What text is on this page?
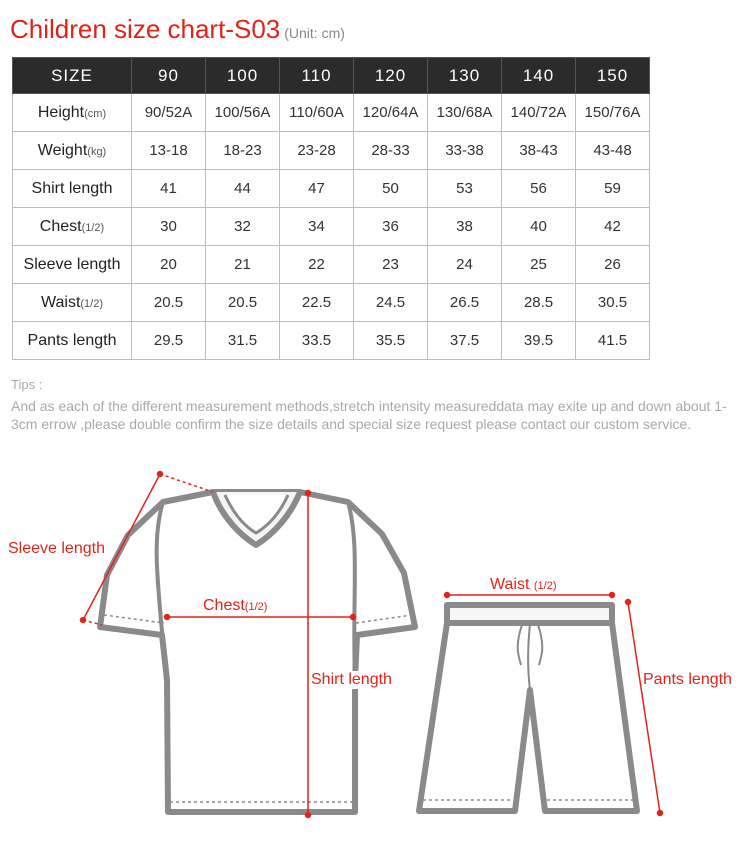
Children size chart-S03 (Unit: cm)
SIZE	90	100	110	120	130	140	150
Height(cm)	90/52A	100/56A	110/60A	120/64A	130/68A	140/72A	150/76A
Weight(kg)	13-18	18-23	23-28	28-33	33-38	38-43	43-48
Shirt length	41	44	47	50	53	56	59
Chest(1/2)	30	32	34	36	38	40	42
Sleeve length	20	21	22	23	24	25	26
Waist(1/2)	20.5	20.5	22.5	24.5	26.5	28.5	30.5
Pants length	29.5	31.5	33.5	35.5	37.5	39.5	41.5
Tips :
And as each of the different measurement methods,stretch intensity measureddata may exite up and down about 1-3cm errow ,please double confirm the size details and special size request please contact our custom service.
Sleeve length
Chest(1/2)
Shirt length
Waist (1/2)
Pants length
